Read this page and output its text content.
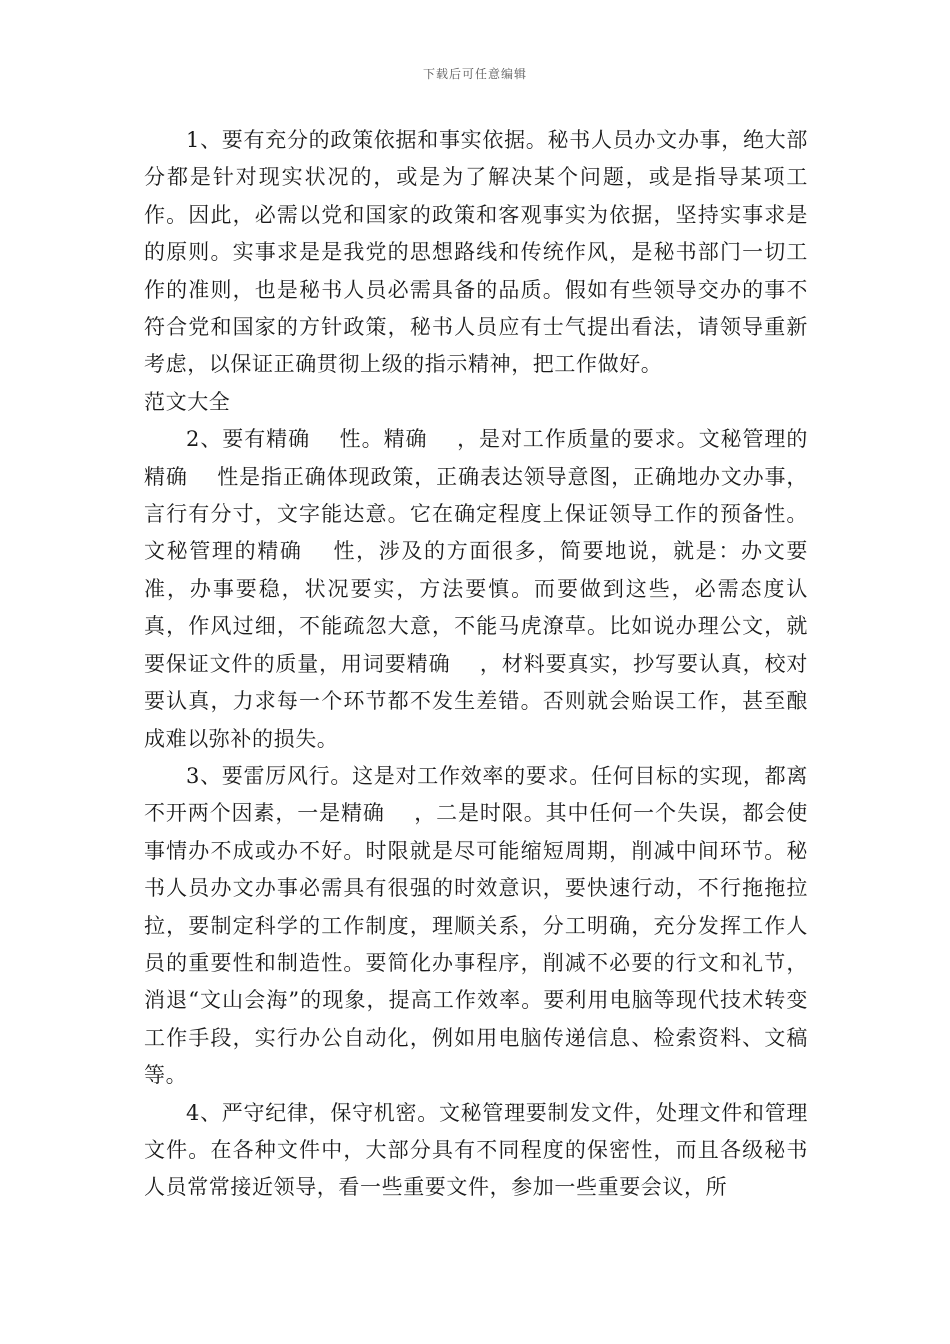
下载后可任意编辑

1、要有充分的政策依据和事实依据。秘书人员办文办事，绝大部分都是针对现实状况的，或是为了解决某个问题，或是指导某项工作。因此，必需以党和国家的政策和客观事实为依据，坚持实事求是的原则。实事求是是我党的思想路线和传统作风，是秘书部门一切工作的准则，也是秘书人员必需具备的品质。假如有些领导交办的事不符合党和国家的方针政策，秘书人员应有士气提出看法，请领导重新考虑，以保证正确贯彻上级的指示精神，把工作做好。

范文大全

2、要有精确　 性。精确　 ，是对工作质量的要求。文秘管理的精确　 性是指正确体现政策，正确表达领导意图，正确地办文办事，言行有分寸，文字能达意。它在确定程度上保证领导工作的预备性。文秘管理的精确　 性，涉及的方面很多，简要地说，就是：办文要准，办事要稳，状况要实，方法要慎。而要做到这些，必需态度认真，作风过细，不能疏忽大意，不能马虎潦草。比如说办理公文，就要保证文件的质量，用词要精确　 ，材料要真实，抄写要认真，校对要认真，力求每一个环节都不发生差错。否则就会贻误工作，甚至酿成难以弥补的损失。

3、要雷厉风行。这是对工作效率的要求。任何目标的实现，都离不开两个因素，一是精确　 ，二是时限。其中任何一个失误，都会使事情办不成或办不好。时限就是尽可能缩短周期，削减中间环节。秘书人员办文办事必需具有很强的时效意识，要快速行动，不行拖拖拉拉，要制定科学的工作制度，理顺关系，分工明确，充分发挥工作人员的重要性和制造性。要简化办事程序，削减不必要的行文和礼节，消退“文山会海”的现象，提高工作效率。要利用电脑等现代技术转变工作手段，实行办公自动化，例如用电脑传递信息、检索资料、文稿等。

4、严守纪律，保守机密。文秘管理要制发文件，处理文件和管理文件。在各种文件中，大部分具有不同程度的保密性，而且各级秘书人员常常接近领导，看一些重要文件，参加一些重要会议，所
